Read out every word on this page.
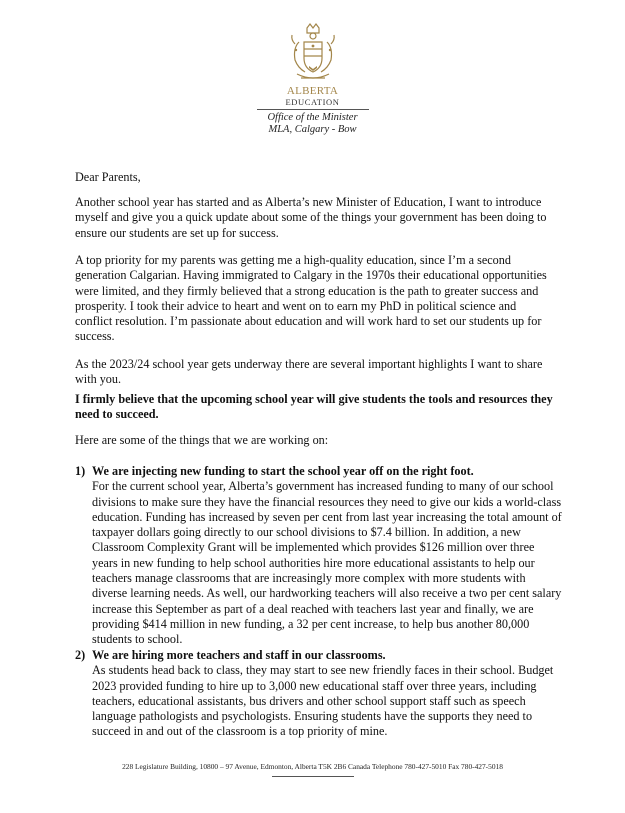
ALBERTA
EDUCATION
Office of the Minister
MLA, Calgary - Bow
Dear Parents,
Another school year has started and as Alberta’s new Minister of Education, I want to introduce myself and give you a quick update about some of the things your government has been doing to ensure our students are set up for success.
A top priority for my parents was getting me a high-quality education, since I’m a second generation Calgarian. Having immigrated to Calgary in the 1970s their educational opportunities were limited, and they firmly believed that a strong education is the path to greater success and prosperity. I took their advice to heart and went on to earn my PhD in political science and conflict resolution. I’m passionate about education and will work hard to set our students up for success.
As the 2023/24 school year gets underway there are several important highlights I want to share with you.
I firmly believe that the upcoming school year will give students the tools and resources they need to succeed.
Here are some of the things that we are working on:
1) We are injecting new funding to start the school year off on the right foot.
For the current school year, Alberta’s government has increased funding to many of our school divisions to make sure they have the financial resources they need to give our kids a world-class education. Funding has increased by seven per cent from last year increasing the total amount of taxpayer dollars going directly to our school divisions to $7.4 billion. In addition, a new Classroom Complexity Grant will be implemented which provides $126 million over three years in new funding to help school authorities hire more educational assistants to help our teachers manage classrooms that are increasingly more complex with more students with diverse learning needs. As well, our hardworking teachers will also receive a two per cent salary increase this September as part of a deal reached with teachers last year and finally, we are providing $414 million in new funding, a 32 per cent increase, to help bus another 80,000 students to school.
2) We are hiring more teachers and staff in our classrooms.
As students head back to class, they may start to see new friendly faces in their school. Budget 2023 provided funding to hire up to 3,000 new educational staff over three years, including teachers, educational assistants, bus drivers and other school support staff such as speech language pathologists and psychologists. Ensuring students have the supports they need to succeed in and out of the classroom is a top priority of mine.
228 Legislature Building, 10800 – 97 Avenue, Edmonton, Alberta T5K 2B6 Canada Telephone 780-427-5010 Fax 780-427-5018
